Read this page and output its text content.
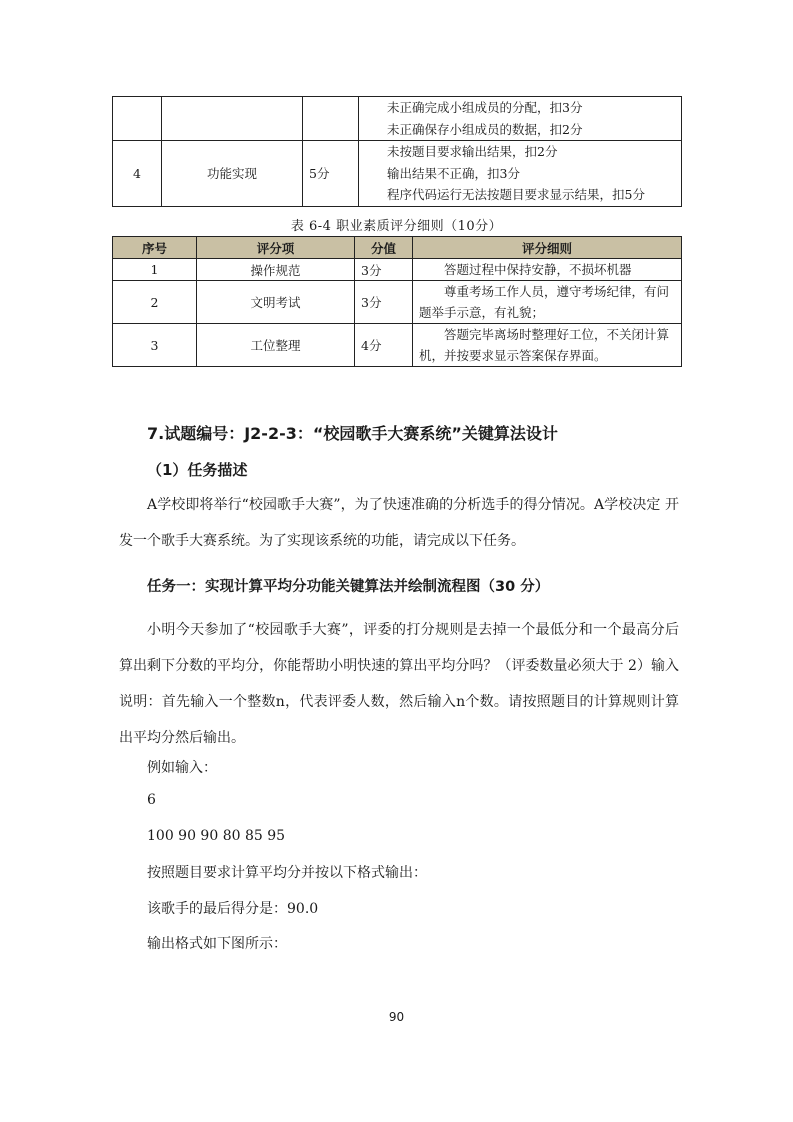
			未正确完成小组成员的分配，扣3分
未正确保存小组成员的数据，扣2分

4	功能实现	5分	未按题目要求输出结果，扣2分
输出结果不正确，扣3分
程序代码运行无法按题目要求显示结果，扣5分
表 6-4 职业素质评分细则（10分）
序号	评分项	分值	评分细则
1	操作规范	3分	答题过程中保持安静，不损坏机器
2	文明考试	3分	尊重考场工作人员，遵守考场纪律，有问题举手示意，有礼貌；
3	工位整理	4分	答题完毕离场时整理好工位，不关闭计算机，并按要求显示答案保存界面。
7.试题编号：J2-2-3：“校园歌手大赛系统”关键算法设计
（1）任务描述
A学校即将举行“校园歌手大赛”，为了快速准确的分析选手的得分情况。A学校决定 开发一个歌手大赛系统。为了实现该系统的功能，请完成以下任务。
任务一：实现计算平均分功能关键算法并绘制流程图（30 分）
小明今天参加了“校园歌手大赛”，评委的打分规则是去掉一个最低分和一个最高分后算出剩下分数的平均分，你能帮助小明快速的算出平均分吗？（评委数量必须大于 2）输入说明：首先输入一个整数n，代表评委人数，然后输入n个数。请按照题目的计算规则计算出平均分然后输出。
例如输入：
6
100 90 90 80 85 95
按照题目要求计算平均分并按以下格式输出：
该歌手的最后得分是：90.0
输出格式如下图所示：
90
